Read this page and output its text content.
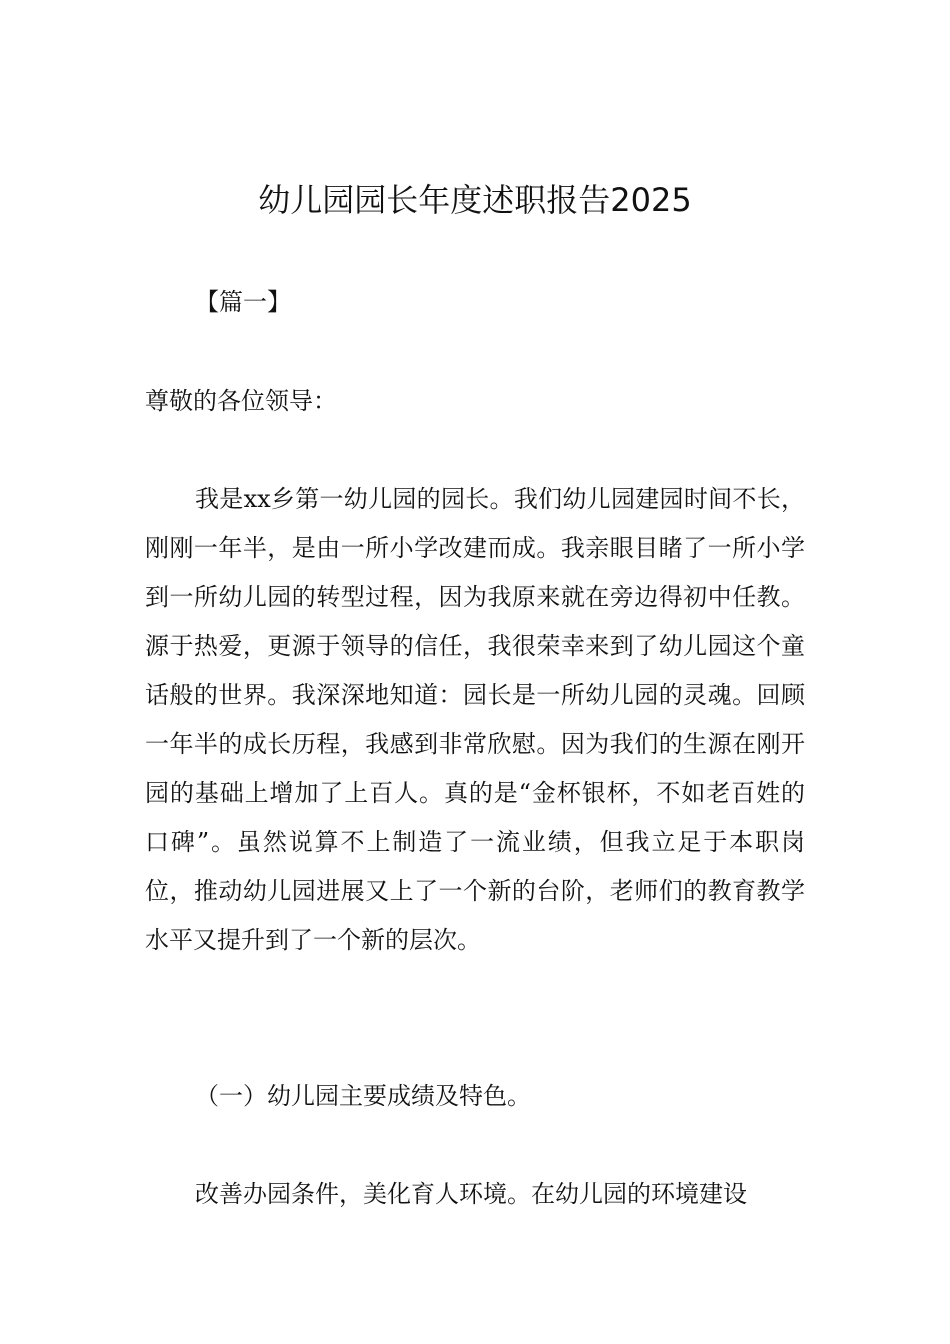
幼儿园园长年度述职报告2025

【篇一】

尊敬的各位领导：

我是xx乡第一幼儿园的园长。我们幼儿园建园时间不长，刚刚一年半，是由一所小学改建而成。我亲眼目睹了一所小学到一所幼儿园的转型过程，因为我原来就在旁边得初中任教。源于热爱，更源于领导的信任，我很荣幸来到了幼儿园这个童话般的世界。我深深地知道：园长是一所幼儿园的灵魂。回顾一年半的成长历程，我感到非常欣慰。因为我们的生源在刚开园的基础上增加了上百人。真的是“金杯银杯，不如老百姓的口碑”。虽然说算不上制造了一流业绩，但我立足于本职岗位，推动幼儿园进展又上了一个新的台阶，老师们的教育教学水平又提升到了一个新的层次。

（一）幼儿园主要成绩及特色。

改善办园条件，美化育人环境。在幼儿园的环境建设
